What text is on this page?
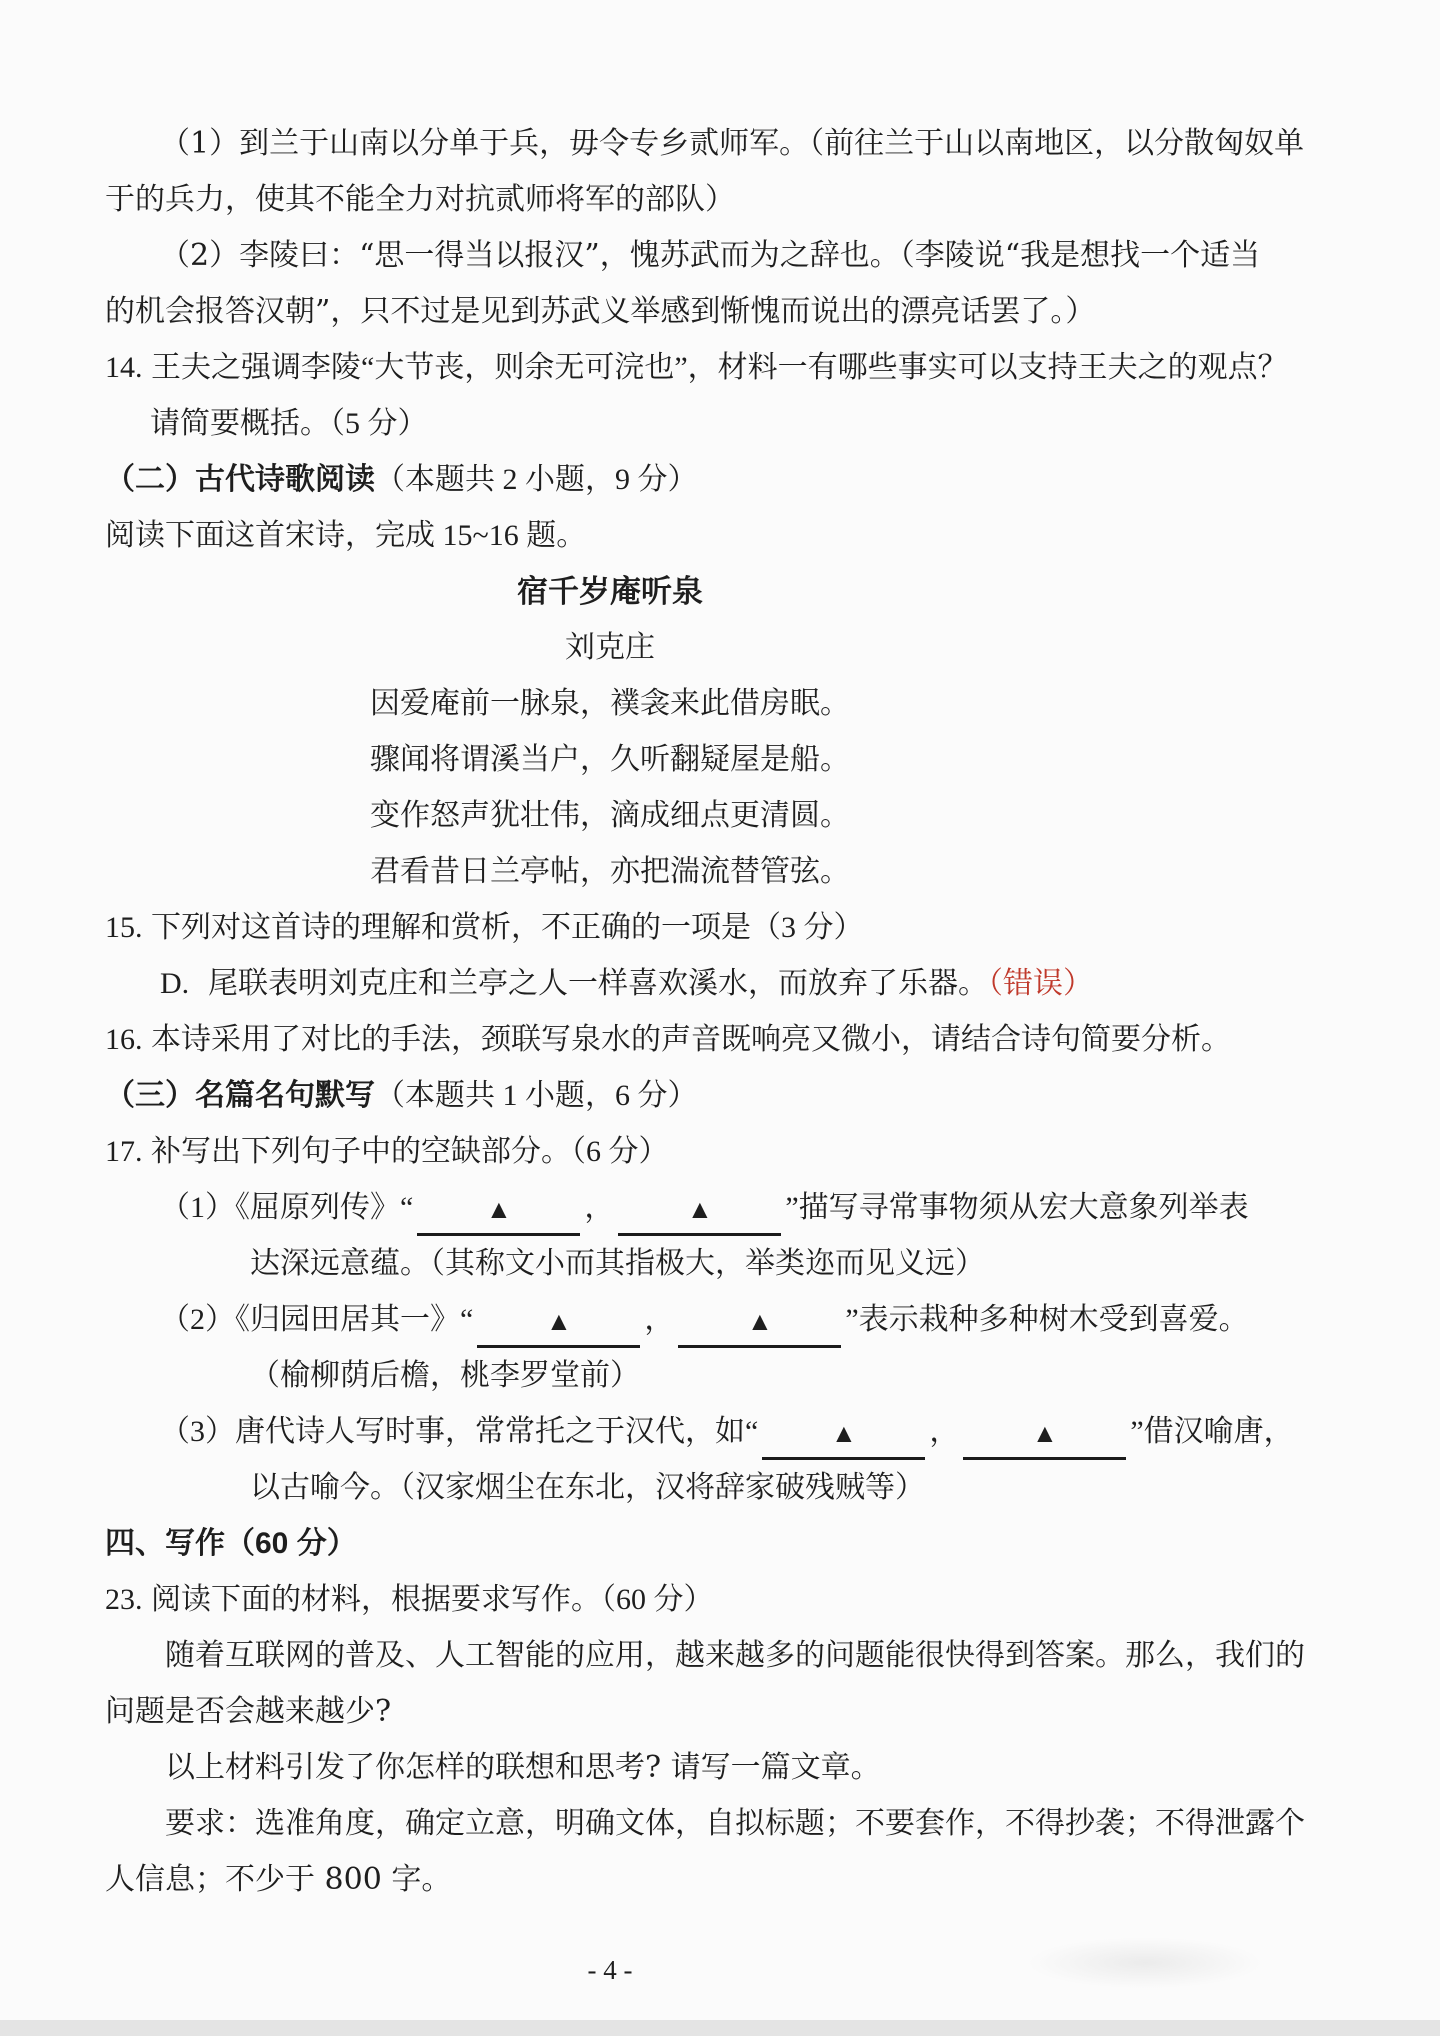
（1）到兰于山南以分单于兵，毋令专乡贰师军。（前往兰于山以南地区，以分散匈奴单
于的兵力，使其不能全力对抗贰师将军的部队）
（2）李陵曰：“思一得当以报汉”，愧苏武而为之辞也。（李陵说“我是想找一个适当
的机会报答汉朝”，只不过是见到苏武义举感到惭愧而说出的漂亮话罢了。）
14. 王夫之强调李陵“大节丧，则余无可浣也”，材料一有哪些事实可以支持王夫之的观点？
请简要概括。（5 分）
（二）古代诗歌阅读（本题共 2 小题，9 分）
阅读下面这首宋诗，完成 15~16 题。
宿千岁庵听泉
刘克庄
因爱庵前一脉泉，襆衾来此借房眠。
骤闻将谓溪当户，久听翻疑屋是船。
变作怒声犹壮伟，滴成细点更清圆。
君看昔日兰亭帖，亦把湍流替管弦。
15. 下列对这首诗的理解和赏析，不正确的一项是（3 分）
D. 尾联表明刘克庄和兰亭之人一样喜欢溪水，而放弃了乐器。（错误）
16. 本诗采用了对比的手法，颈联写泉水的声音既响亮又微小，请结合诗句简要分析。
（三）名篇名句默写（本题共 1 小题，6 分）
17. 补写出下列句子中的空缺部分。（6 分）
（1）《屈原列传》“	▲ ，	▲ ”描写寻常事物须从宏大意象列举表
达深远意蕴。（其称文小而其指极大，举类迩而见义远）
（2）《归园田居其一》“	▲ ，	▲ ”表示栽种多种树木受到喜爱。
（榆柳荫后檐，桃李罗堂前）
（3）唐代诗人写时事，常常托之于汉代，如“	▲ ，	▲ ”借汉喻唐，
以古喻今。（汉家烟尘在东北，汉将辞家破残贼等）
四、写作（60 分）
23. 阅读下面的材料，根据要求写作。（60 分）
随着互联网的普及、人工智能的应用，越来越多的问题能很快得到答案。那么，我们的
问题是否会越来越少?
以上材料引发了你怎样的联想和思考? 请写一篇文章。
要求：选准角度，确定立意，明确文体，自拟标题；不要套作，不得抄袭；不得泄露个
人信息；不少于 800 字。
- 4 -
